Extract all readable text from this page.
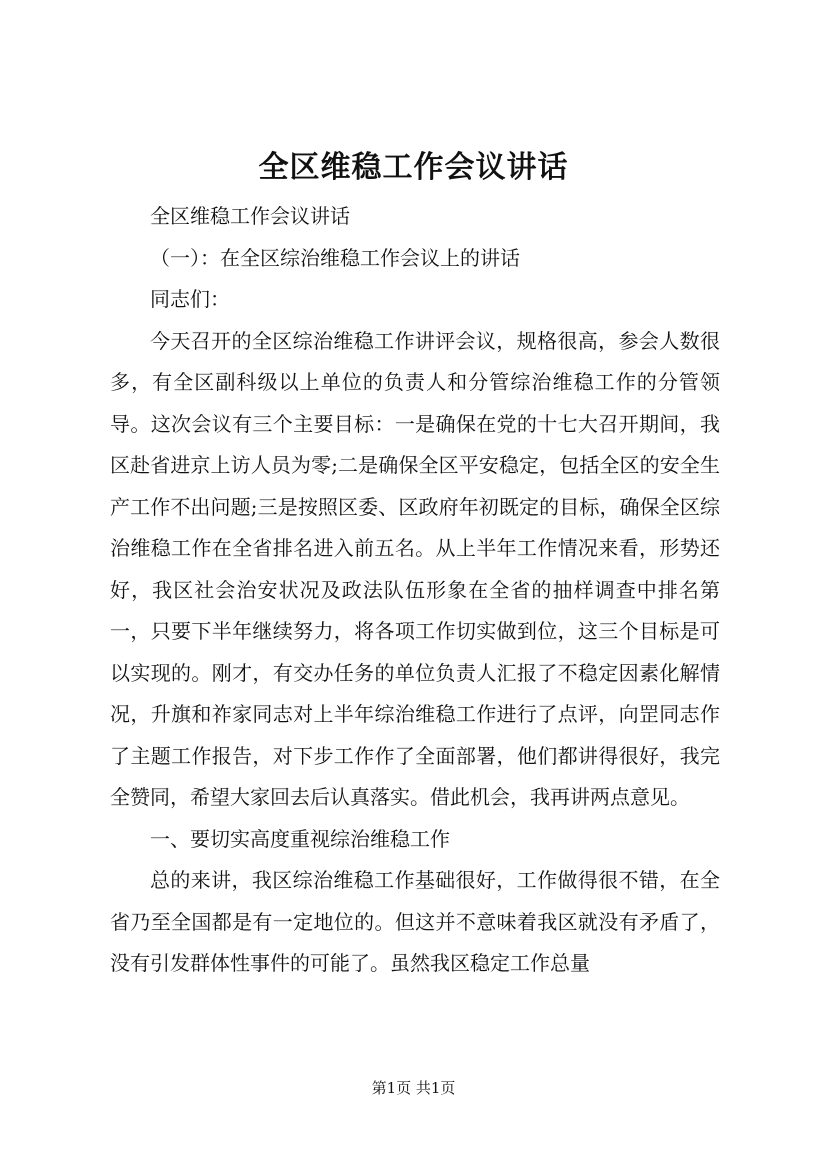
全区维稳工作会议讲话

全区维稳工作会议讲话

（一）：在全区综治维稳工作会议上的讲话

同志们：

今天召开的全区综治维稳工作讲评会议，规格很高，参会人数很多，有全区副科级以上单位的负责人和分管综治维稳工作的分管领导。这次会议有三个主要目标：一是确保在党的十七大召开期间，我区赴省进京上访人员为零;二是确保全区平安稳定，包括全区的安全生产工作不出问题;三是按照区委、区政府年初既定的目标，确保全区综治维稳工作在全省排名进入前五名。从上半年工作情况来看，形势还好，我区社会治安状况及政法队伍形象在全省的抽样调查中排名第一，只要下半年继续努力，将各项工作切实做到位，这三个目标是可以实现的。刚才，有交办任务的单位负责人汇报了不稳定因素化解情况，升旗和祚家同志对上半年综治维稳工作进行了点评，向罡同志作了主题工作报告，对下步工作作了全面部署，他们都讲得很好，我完全赞同，希望大家回去后认真落实。借此机会，我再讲两点意见。

一、要切实高度重视综治维稳工作

总的来讲，我区综治维稳工作基础很好，工作做得很不错，在全省乃至全国都是有一定地位的。但这并不意味着我区就没有矛盾了，没有引发群体性事件的可能了。虽然我区稳定工作总量

第1页 共1页
